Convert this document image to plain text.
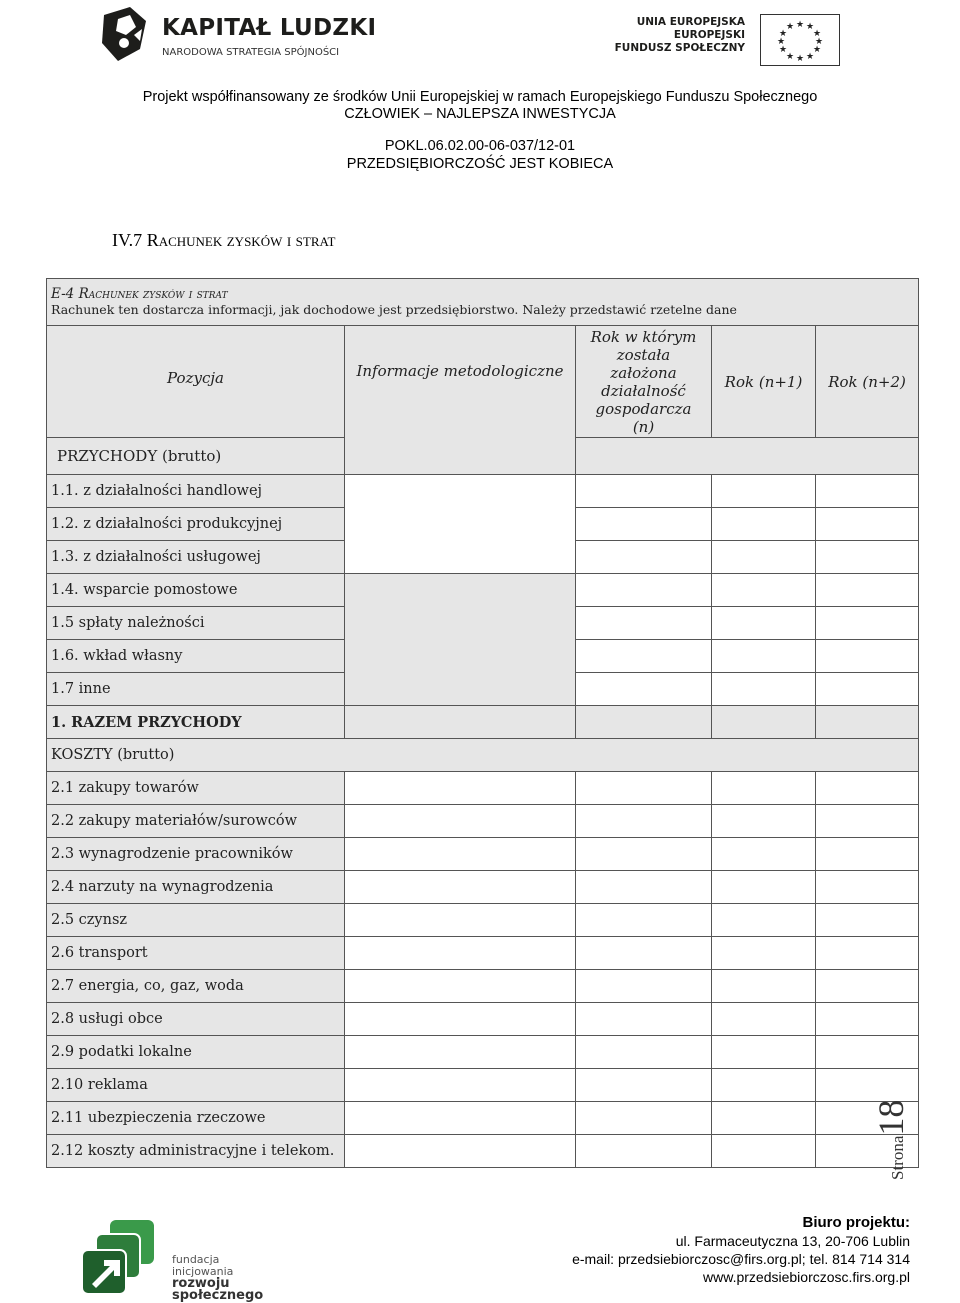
KAPITAŁ LUDZKI
NARODOWA STRATEGIA SPÓJNOŚCI
UNIA EUROPEJSKA
EUROPEJSKI
FUNDUSZ SPOŁECZNY
★ ★
★
★
★
★
★
★
★
★
★
★
Projekt współfinansowany ze środków Unii Europejskiej w ramach Europejskiego Funduszu Społecznego
CZŁOWIEK – NAJLEPSZA INWESTYCJA
POKL.06.02.00-06-037/12-01
PRZEDSIĘBIORCZOŚĆ JEST KOBIECA
IV.7 Rachunek zysków i strat
E-4 Rachunek zysków i strat
Rachunek ten dostarcza informacji, jak dochodowe jest przedsiębiorstwo. Należy przedstawić rzetelne dane				

Pozycja	Informacje metodologiczne	Rok w którym została założona działalność gospodarcza (n)	Rok (n+1)	Rok (n+2)
PRZYCHODY (brutto)				
1.1. z działalności handlowej				
1.2. z działalności produkcyjnej				
1.3. z działalności usługowej				
1.4. wsparcie pomostowe				
1.5 spłaty należności				
1.6. wkład własny				
1.7 inne				
1. RAZEM PRZYCHODY				
KOSZTY (brutto)				
2.1 zakupy towarów				
2.2 zakupy materiałów/surowców				
2.3 wynagrodzenie pracowników				
2.4 narzuty na wynagrodzenia				
2.5 czynsz				
2.6 transport				
2.7 energia, co, gaz, woda				
2.8 usługi obce				
2.9 podatki lokalne				
2.10 reklama				
2.11 ubezpieczenia rzeczowe				
2.12 koszty administracyjne i telekom.					Strona18
fundacja inicjowania
rozwoju społecznego
Biuro projektu:
ul. Farmaceutyczna 13, 20-706 Lublin
e-mail: przedsiebiorczosc@firs.org.pl; tel. 814 714 314
www.przedsiebiorczosc.firs.org.pl
